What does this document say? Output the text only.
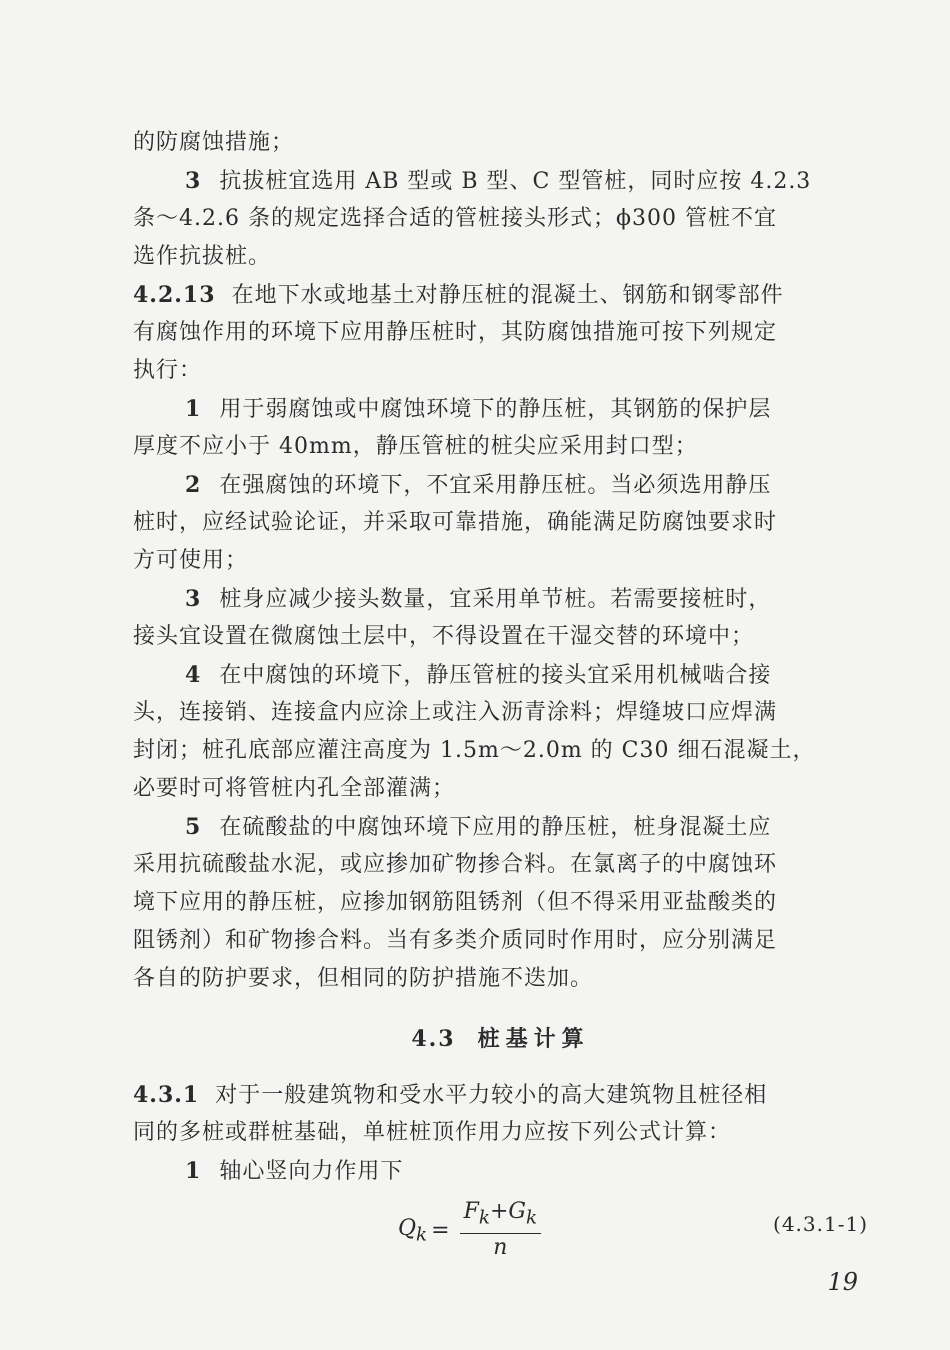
的防腐蚀措施；
3 抗拔桩宜选用 AB 型或 B 型、C 型管桩，同时应按 4.2.3
条～4.2.6 条的规定选择合适的管桩接头形式；ϕ300 管桩不宜
选作抗拔桩。
4.2.13 在地下水或地基土对静压桩的混凝土、钢筋和钢零部件
有腐蚀作用的环境下应用静压桩时，其防腐蚀措施可按下列规定
执行：
1 用于弱腐蚀或中腐蚀环境下的静压桩，其钢筋的保护层
厚度不应小于 40mm，静压管桩的桩尖应采用封口型；
2 在强腐蚀的环境下，不宜采用静压桩。当必须选用静压
桩时，应经试验论证，并采取可靠措施，确能满足防腐蚀要求时
方可使用；
3 桩身应减少接头数量，宜采用单节桩。若需要接桩时，
接头宜设置在微腐蚀土层中，不得设置在干湿交替的环境中；
4 在中腐蚀的环境下，静压管桩的接头宜采用机械啮合接
头，连接销、连接盒内应涂上或注入沥青涂料；焊缝坡口应焊满
封闭；桩孔底部应灌注高度为 1.5m～2.0m 的 C30 细石混凝土，
必要时可将管桩内孔全部灌满；
5 在硫酸盐的中腐蚀环境下应用的静压桩，桩身混凝土应
采用抗硫酸盐水泥，或应掺加矿物掺合料。在氯离子的中腐蚀环
境下应用的静压桩，应掺加钢筋阻锈剂（但不得采用亚盐酸类的
阻锈剂）和矿物掺合料。当有多类介质同时作用时，应分别满足
各自的防护要求，但相同的防护措施不迭加。
4.3 桩基计算
4.3.1 对于一般建筑物和受水平力较小的高大建筑物且桩径相
同的多桩或群桩基础，单桩桩顶作用力应按下列公式计算：
1 轴心竖向力作用下
$Q_k = \frac{F_k+G_k}{n}$	(4.3.1-1)
19
